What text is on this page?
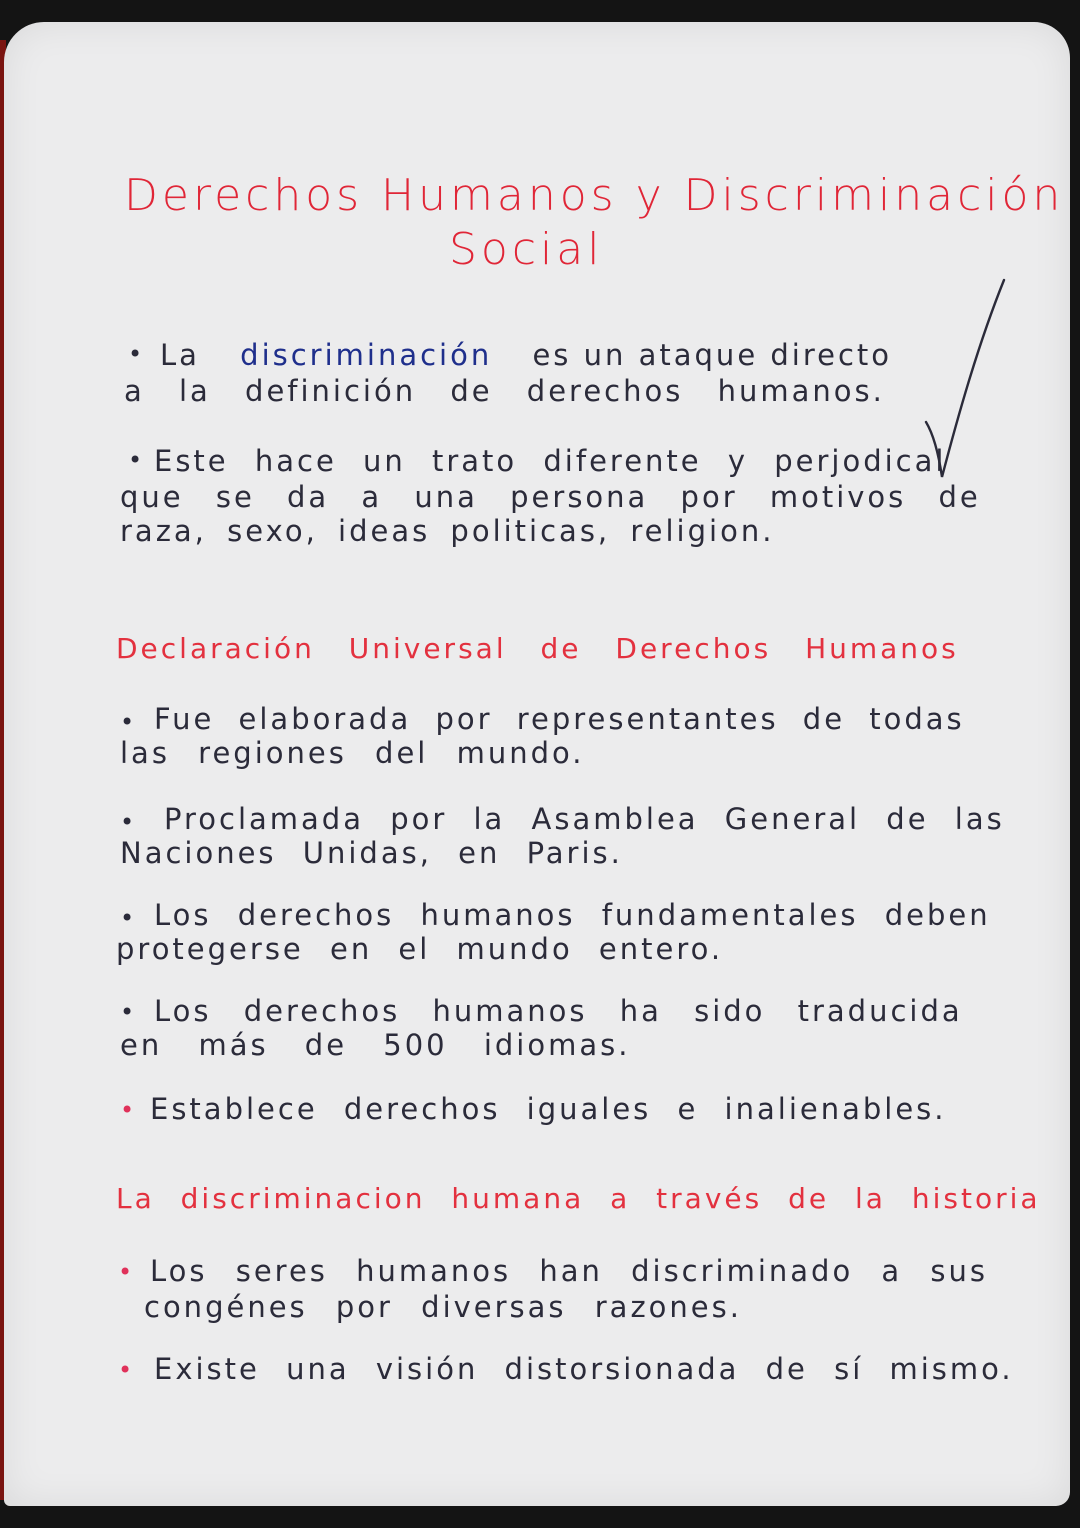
Derechos Humanos y Discriminación
Social
• La discriminación es un ataque directo
a la definición de derechos humanos.
• Este hace un trato diferente y perjodical
que se da a una persona por motivos de
raza, sexo, ideas politicas, religion.
Declaración Universal de Derechos Humanos
• Fue elaborada por representantes de todas
las regiones del mundo.
• Proclamada por la Asamblea General de las
Naciones Unidas, en Paris.
• Los derechos humanos fundamentales deben
protegerse en el mundo entero.
• Los derechos humanos ha sido traducida
en más de 500 idiomas.
• Establece derechos iguales e inalienables.
La discriminacion humana a través de la historia
• Los seres humanos han discriminado a sus
congénes por diversas razones.
• Existe una visión distorsionada de sí mismo.
